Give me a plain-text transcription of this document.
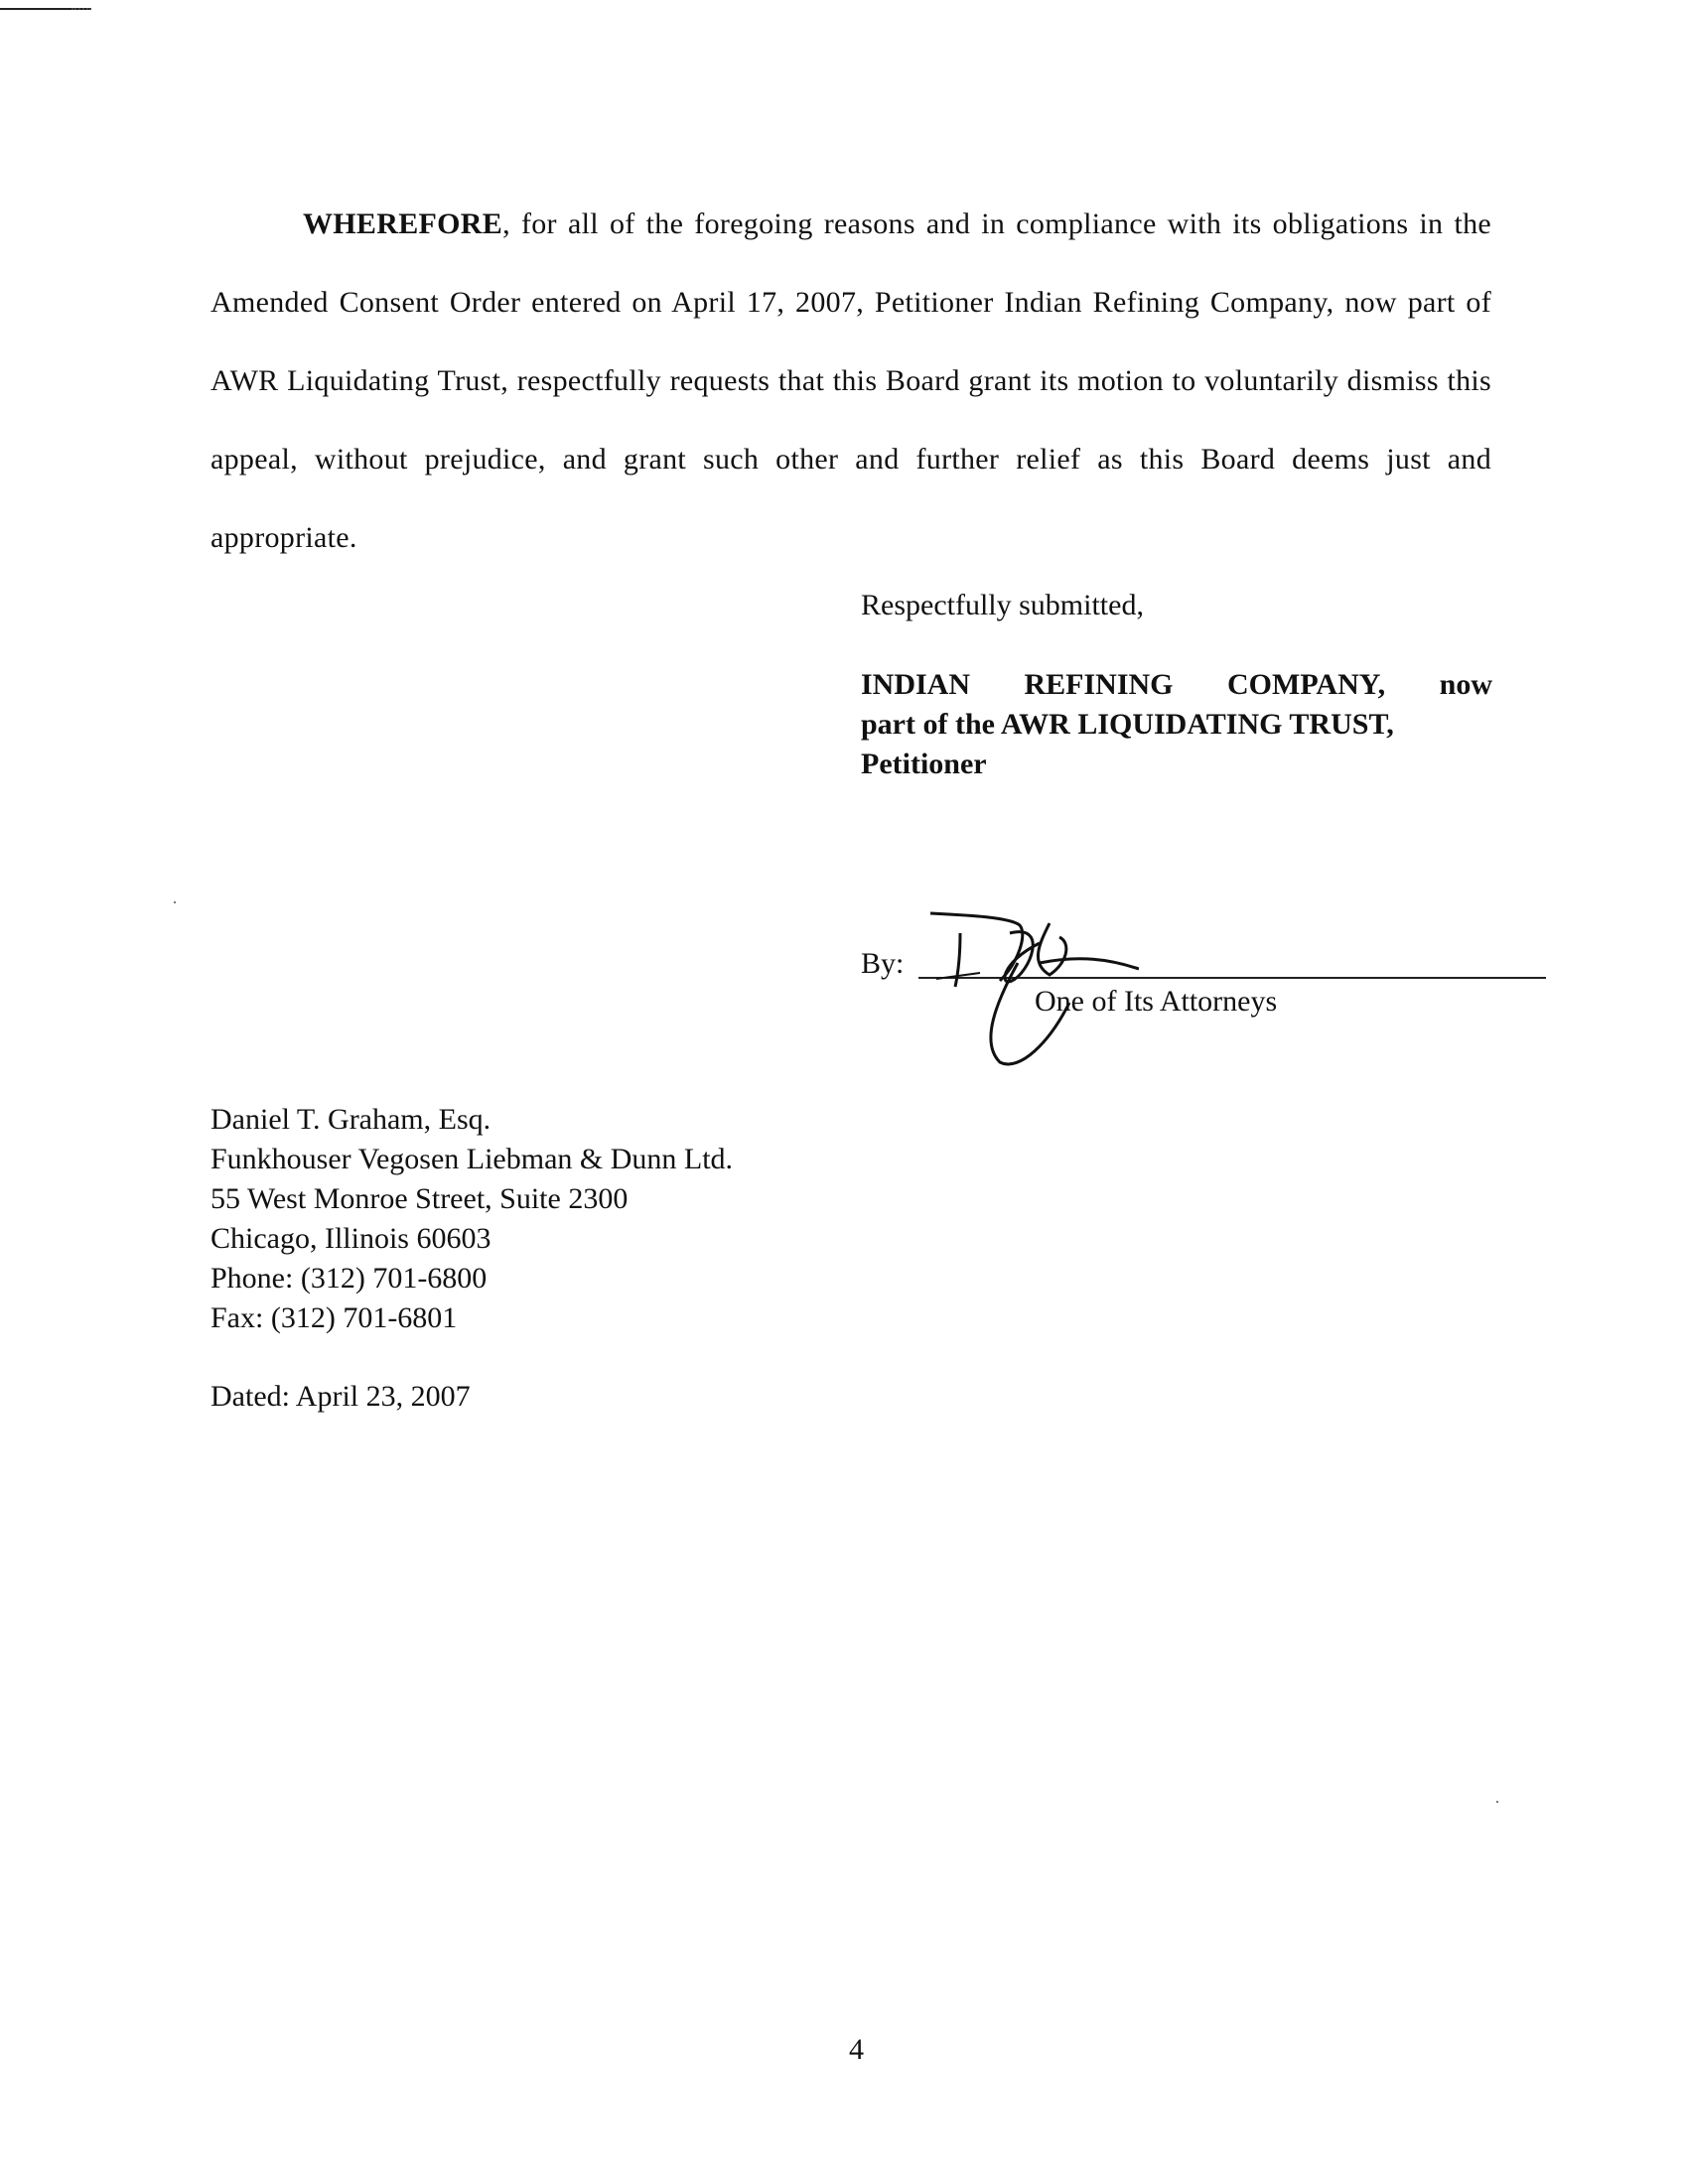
WHEREFORE, for all of the foregoing reasons and in compliance with its obligations in the Amended Consent Order entered on April 17, 2007, Petitioner Indian Refining Company, now part of AWR Liquidating Trust, respectfully requests that this Board grant its motion to voluntarily dismiss this appeal, without prejudice, and grant such other and further relief as this Board deems just and appropriate.

Respectfully submitted,

INDIAN REFINING COMPANY, now
part of the AWR LIQUIDATING TRUST,
Petitioner

By:
One of Its Attorneys

Daniel T. Graham, Esq.
Funkhouser Vegosen Liebman & Dunn Ltd.
55 West Monroe Street, Suite 2300
Chicago, Illinois 60603
Phone: (312) 701-6800
Fax: (312) 701-6801

Dated: April 23, 2007

4
